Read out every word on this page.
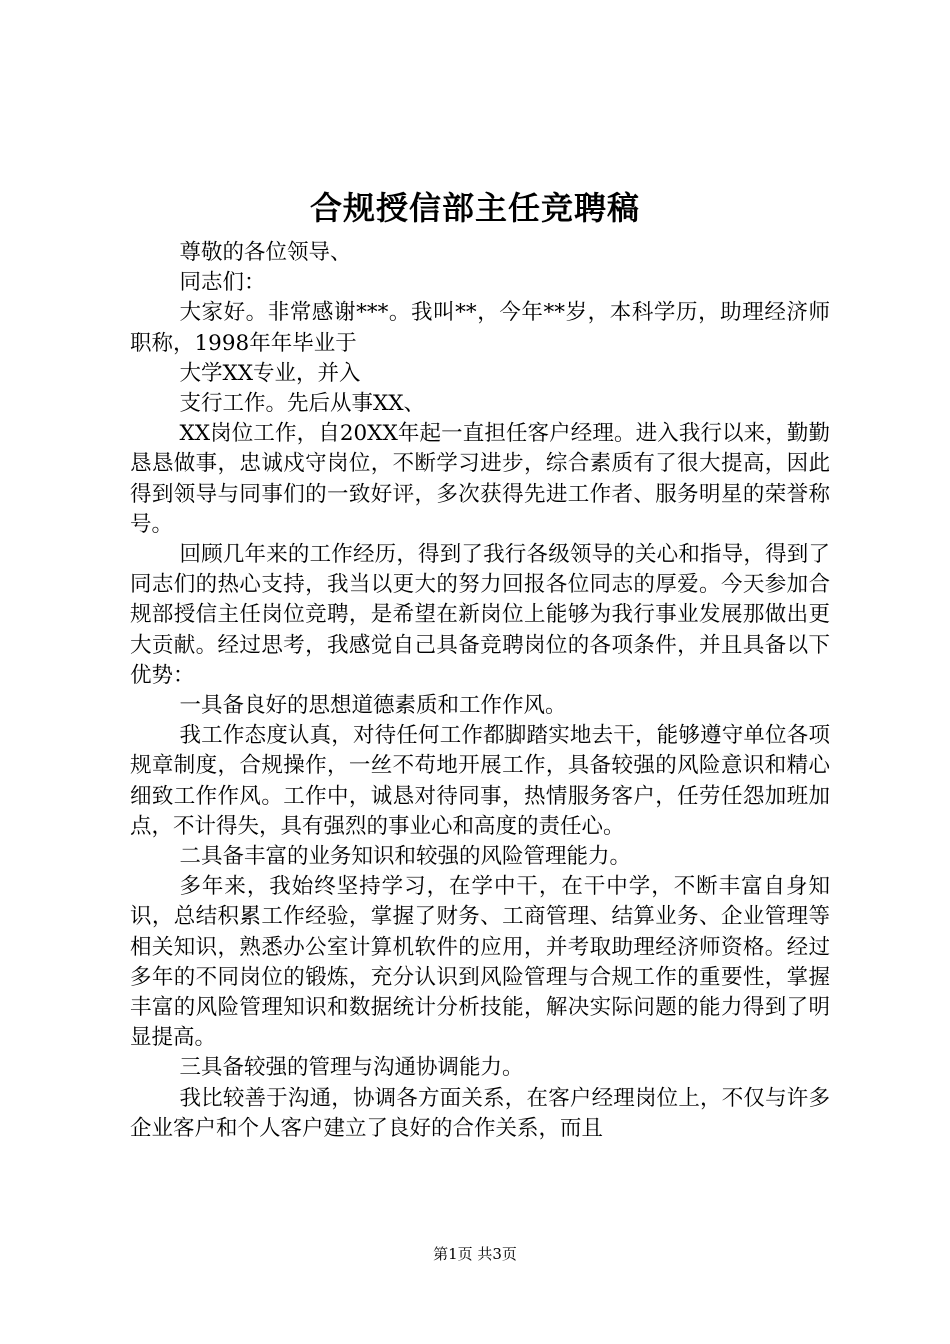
合规授信部主任竞聘稿

尊敬的各位领导、

同志们：

大家好。非常感谢***。我叫**，今年**岁，本科学历，助理经济师职称，1998年年毕业于

大学XX专业，并入

支行工作。先后从事XX、

XX岗位工作，自20XX年起一直担任客户经理。进入我行以来，勤勤恳恳做事，忠诚戍守岗位，不断学习进步，综合素质有了很大提高，因此得到领导与同事们的一致好评，多次获得先进工作者、服务明星的荣誉称号。

回顾几年来的工作经历，得到了我行各级领导的关心和指导，得到了同志们的热心支持，我当以更大的努力回报各位同志的厚爱。今天参加合规部授信主任岗位竞聘，是希望在新岗位上能够为我行事业发展那做出更大贡献。经过思考，我感觉自己具备竞聘岗位的各项条件，并且具备以下优势：

一具备良好的思想道德素质和工作作风。

我工作态度认真，对待任何工作都脚踏实地去干，能够遵守单位各项规章制度，合规操作，一丝不苟地开展工作，具备较强的风险意识和精心细致工作作风。工作中，诚恳对待同事，热情服务客户，任劳任怨加班加点，不计得失，具有强烈的事业心和高度的责任心。

二具备丰富的业务知识和较强的风险管理能力。

多年来，我始终坚持学习，在学中干，在干中学，不断丰富自身知识，总结积累工作经验，掌握了财务、工商管理、结算业务、企业管理等相关知识，熟悉办公室计算机软件的应用，并考取助理经济师资格。经过多年的不同岗位的锻炼，充分认识到风险管理与合规工作的重要性，掌握丰富的风险管理知识和数据统计分析技能，解决实际问题的能力得到了明显提高。

三具备较强的管理与沟通协调能力。

我比较善于沟通，协调各方面关系，在客户经理岗位上，不仅与许多企业客户和个人客户建立了良好的合作关系，而且

第1页 共3页
